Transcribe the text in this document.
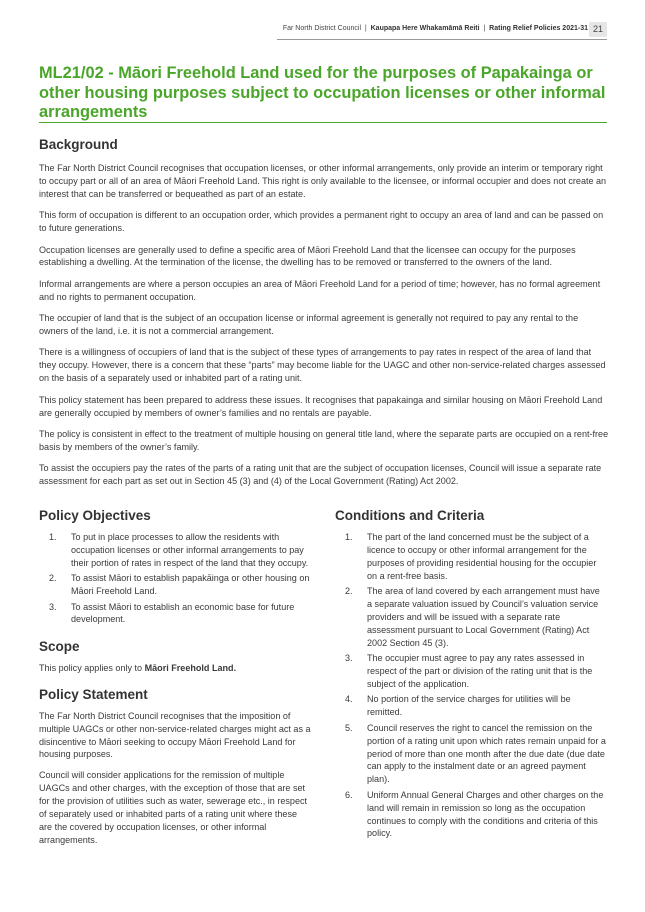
Far North District Council | Kaupapa Here Whakamāmā Reiti | Rating Relief Policies 2021-31 21
ML21/02 - Māori Freehold Land used for the purposes of Papakainga or other housing purposes subject to occupation licenses or other informal arrangements
Background

The Far North District Council recognises that occupation licenses, or other informal arrangements, only provide an interim or temporary right to occupy part or all of an area of Māori Freehold Land. This right is only available to the licensee, or informal occupier and does not create an interest that can be transferred or bequeathed as part of an estate.

This form of occupation is different to an occupation order, which provides a permanent right to occupy an area of land and can be passed on to future generations.

Occupation licenses are generally used to define a specific area of Māori Freehold Land that the licensee can occupy for the purposes establishing a dwelling. At the termination of the license, the dwelling has to be removed or transferred to the owners of the land.

Informal arrangements are where a person occupies an area of Māori Freehold Land for a period of time; however, has no formal agreement and no rights to permanent occupation.

The occupier of land that is the subject of an occupation license or informal agreement is generally not required to pay any rental to the owners of the land, i.e. it is not a commercial arrangement.

There is a willingness of occupiers of land that is the subject of these types of arrangements to pay rates in respect of the area of land that they occupy. However, there is a concern that these “parts” may become liable for the UAGC and other non-service-related charges assessed on the basis of a separately used or inhabited part of a rating unit.

This policy statement has been prepared to address these issues. It recognises that papakainga and similar housing on Māori Freehold Land are generally occupied by members of owner’s families and no rentals are payable.

The policy is consistent in effect to the treatment of multiple housing on general title land, where the separate parts are occupied on a rent-free basis by members of the owner’s family.

To assist the occupiers pay the rates of the parts of a rating unit that are the subject of occupation licenses, Council will issue a separate rate assessment for each part as set out in Section 45 (3) and (4) of the Local Government (Rating) Act 2002.

Policy Objectives
1. To put in place processes to allow the residents with occupation licenses or other informal arrangements to pay their portion of rates in respect of the land that they occupy.
2. To assist Māori to establish papakāinga or other housing on Māori Freehold Land.
3. To assist Māori to establish an economic base for future development.
Scope

This policy applies only to Māori Freehold Land.

Policy Statement

The Far North District Council recognises that the imposition of multiple UAGCs or other non-service-related charges might act as a disincentive to Māori seeking to occupy Māori Freehold Land for housing purposes.

Council will consider applications for the remission of multiple UAGCs and other charges, with the exception of those that are set for the provision of utilities such as water, sewerage etc., in respect of separately used or inhabited parts of a rating unit where these are the covered by occupation licenses, or other informal arrangements.

Conditions and Criteria
1. The part of the land concerned must be the subject of a licence to occupy or other informal arrangement for the purposes of providing residential housing for the occupier on a rent-free basis.
2. The area of land covered by each arrangement must have a separate valuation issued by Council’s valuation service providers and will be issued with a separate rate assessment pursuant to Local Government (Rating) Act 2002 Section 45 (3).
3. The occupier must agree to pay any rates assessed in respect of the part or division of the rating unit that is the subject of the application.
4. No portion of the service charges for utilities will be remitted.
5. Council reserves the right to cancel the remission on the portion of a rating unit upon which rates remain unpaid for a period of more than one month after the due date (due date can apply to the instalment date or an agreed payment plan).
6. Uniform Annual General Charges and other charges on the land will remain in remission so long as the occupation continues to comply with the conditions and criteria of this policy.
